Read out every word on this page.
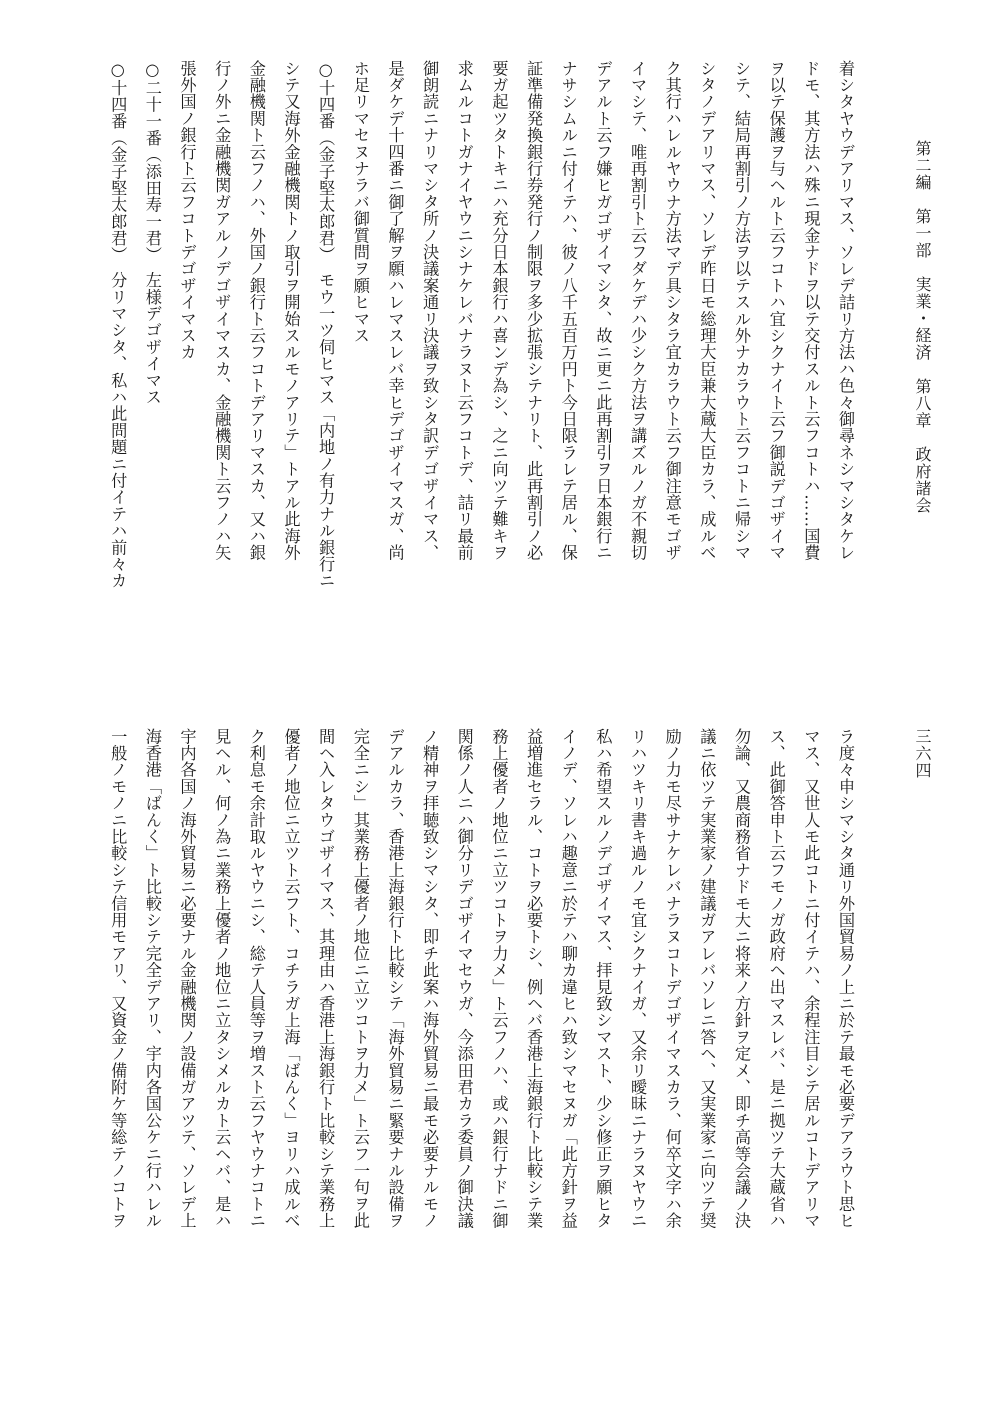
第二編　第一部　実業・経済　第八章　政府諸会
三六四
着シタヤウデアリマス、ソレデ詰リ方法ハ色々御尋ネシマシタケレ
ドモ、其方法ハ殊ニ現金ナドヲ以テ交付スルト云フコトハ……国費
ヲ以テ保護ヲ与ヘルト云フコトハ宜シクナイト云フ御説デゴザイマ
シテ、結局再割引ノ方法ヲ以テスル外ナカラウト云フコトニ帰シマ
シタノデアリマス、ソレデ昨日モ総理大臣兼大蔵大臣カラ、成ルベ
ク其行ハレルヤウナ方法マデ具シタラ宜カラウト云フ御注意モゴザ
イマシテ、唯再割引ト云フダケデハ少シク方法ヲ講ズルノガ不親切
デアルト云フ嫌ヒガゴザイマシタ、故ニ更ニ此再割引ヲ日本銀行ニ
ナサシムルニ付イテハ、彼ノ八千五百万円ト今日限ラレテ居ル、保
証準備発換銀行券発行ノ制限ヲ多少拡張シテナリト、此再割引ノ必
要ガ起ツタトキニハ充分日本銀行ハ喜ンデ為シ、之ニ向ツテ難キヲ
求ムルコトガナイヤウニシナケレバナラヌト云フコトデ、詰リ最前
御朗読ニナリマシタ所ノ決議案通リ決議ヲ致シタ訳デゴザイマス、
是ダケデ十四番ニ御了解ヲ願ハレマスレバ幸ヒデゴザイマスガ、尚
ホ足リマセヌナラバ御質問ヲ願ヒマス
○十四番（金子堅太郎君）　モウ一ツ伺ヒマス「内地ノ有力ナル銀行ニ
シテ又海外金融機関トノ取引ヲ開始スルモノアリテ」トアル此海外
金融機関ト云フノハ、外国ノ銀行ト云フコトデアリマスカ、又ハ銀
行ノ外ニ金融機関ガアルノデゴザイマスカ、金融機関ト云フノハ矢
張外国ノ銀行ト云フコトデゴザイマスカ
○二十一番（添田寿一君）　左様デゴザイマス
○十四番（金子堅太郎君）　分リマシタ、私ハ此問題ニ付イテハ前々カ
ラ度々申シマシタ通リ外国貿易ノ上ニ於テ最モ必要デアラウト思ヒ
マス、又世人モ此コトニ付イテハ、余程注目シテ居ルコトデアリマ
ス、此御答申ト云フモノガ政府ヘ出マスレバ、是ニ拠ツテ大蔵省ハ
勿論、又農商務省ナドモ大ニ将来ノ方針ヲ定メ、即チ高等会議ノ決
議ニ依ツテ実業家ノ建議ガアレバソレニ答ヘ、又実業家ニ向ツテ奨
励ノ力モ尽サナケレバナラヌコトデゴザイマスカラ、何卒文字ハ余
リハツキリ書キ過ルノモ宜シクナイガ、又余リ曖昧ニナラヌヤウニ
私ハ希望スルノデゴザイマス、拝見致シマスト、少シ修正ヲ願ヒタ
イノデ、ソレハ趣意ニ於テハ聊カ違ヒハ致シマセヌガ「此方針ヲ益
益増進セラル、コトヲ必要トシ、例ヘバ香港上海銀行ト比較シテ業
務上優者ノ地位ニ立ツコトヲ力メ」ト云フノハ、或ハ銀行ナドニ御
関係ノ人ニハ御分リデゴザイマセウガ、今添田君カラ委員ノ御決議
ノ精神ヲ拝聴致シマシタ、即チ此案ハ海外貿易ニ最モ必要ナルモノ
デアルカラ、香港上海銀行ト比較シテ「海外貿易ニ緊要ナル設備ヲ
完全ニシ」其業務上優者ノ地位ニ立ツコトヲ力メ」ト云フ一句ヲ此
間ヘ入レタウゴザイマス、其理由ハ香港上海銀行ト比較シテ業務上
優者ノ地位ニ立ツト云フト、コチラガ上海「ばんく」ヨリハ成ルベ
ク利息モ余計取ルヤウニシ、総テ人員等ヲ増スト云フヤウナコトニ
見ヘル、何ノ為ニ業務上優者ノ地位ニ立タシメルカト云ヘバ、是ハ
宇内各国ノ海外貿易ニ必要ナル金融機関ノ設備ガアツテ、ソレデ上
海香港「ばんく」ト比較シテ完全デアリ、宇内各国公ケニ行ハレル
一般ノモノニ比較シテ信用モアリ、又資金ノ備附ケ等総テノコトヲ
